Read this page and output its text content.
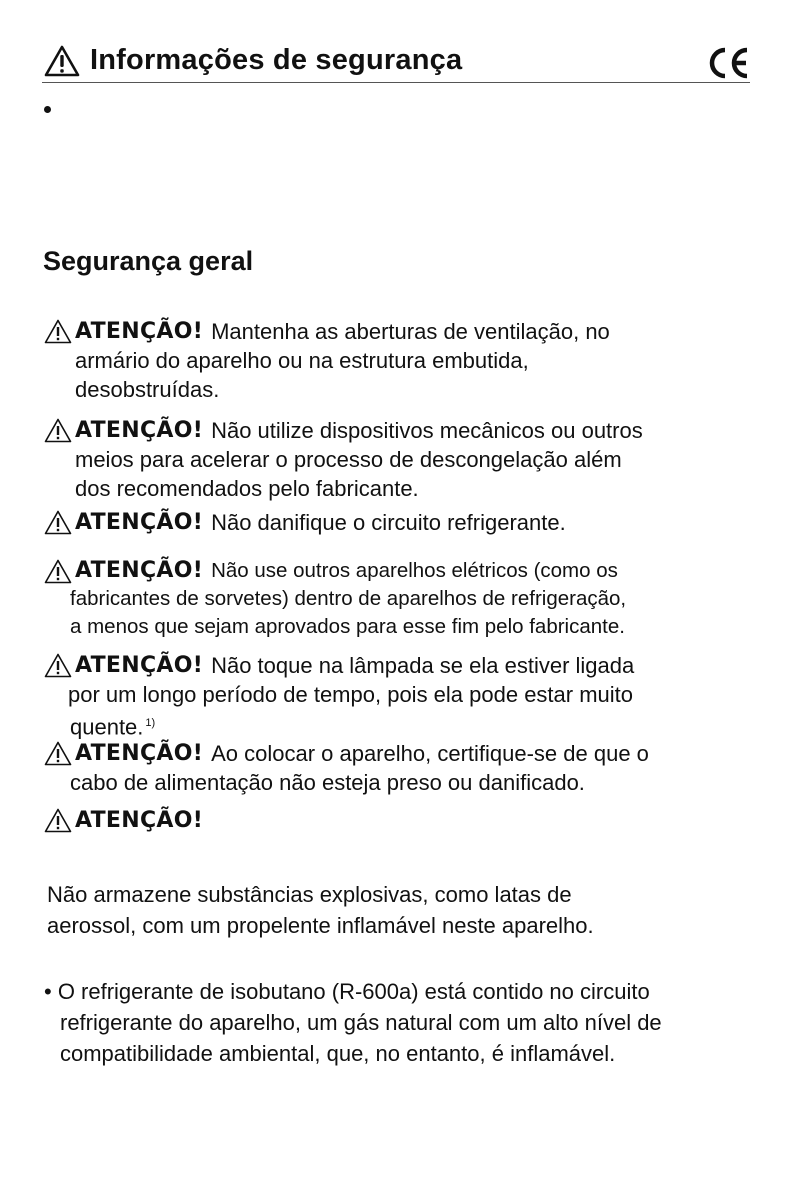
Informações de segurança
Segurança geral
ATENÇÃO! Mantenha as aberturas de ventilação, no
armário do aparelho ou na estrutura embutida,
desobstruídas.
ATENÇÃO! Não utilize dispositivos mecânicos ou outros
meios para acelerar o processo de descongelação além
dos recomendados pelo fabricante.
ATENÇÃO! Não danifique o circuito refrigerante.
ATENÇÃO! Não use outros aparelhos elétricos (como os
fabricantes de sorvetes) dentro de aparelhos de refrigeração,
a menos que sejam aprovados para esse fim pelo fabricante.
ATENÇÃO! Não toque na lâmpada se ela estiver ligada
por um longo período de tempo, pois ela pode estar muito
quente. $^{1)}$
ATENÇÃO! Ao colocar o aparelho, certifique-se de que o
cabo de alimentação não esteja preso ou danificado.
ATENÇÃO!
Não armazene substâncias explosivas, como latas de
aerossol, com um propelente inflamável neste aparelho.
• O refrigerante de isobutano (R-600a) está contido no circuito
refrigerante do aparelho, um gás natural com um alto nível de
compatibilidade ambiental, que, no entanto, é inflamável.
